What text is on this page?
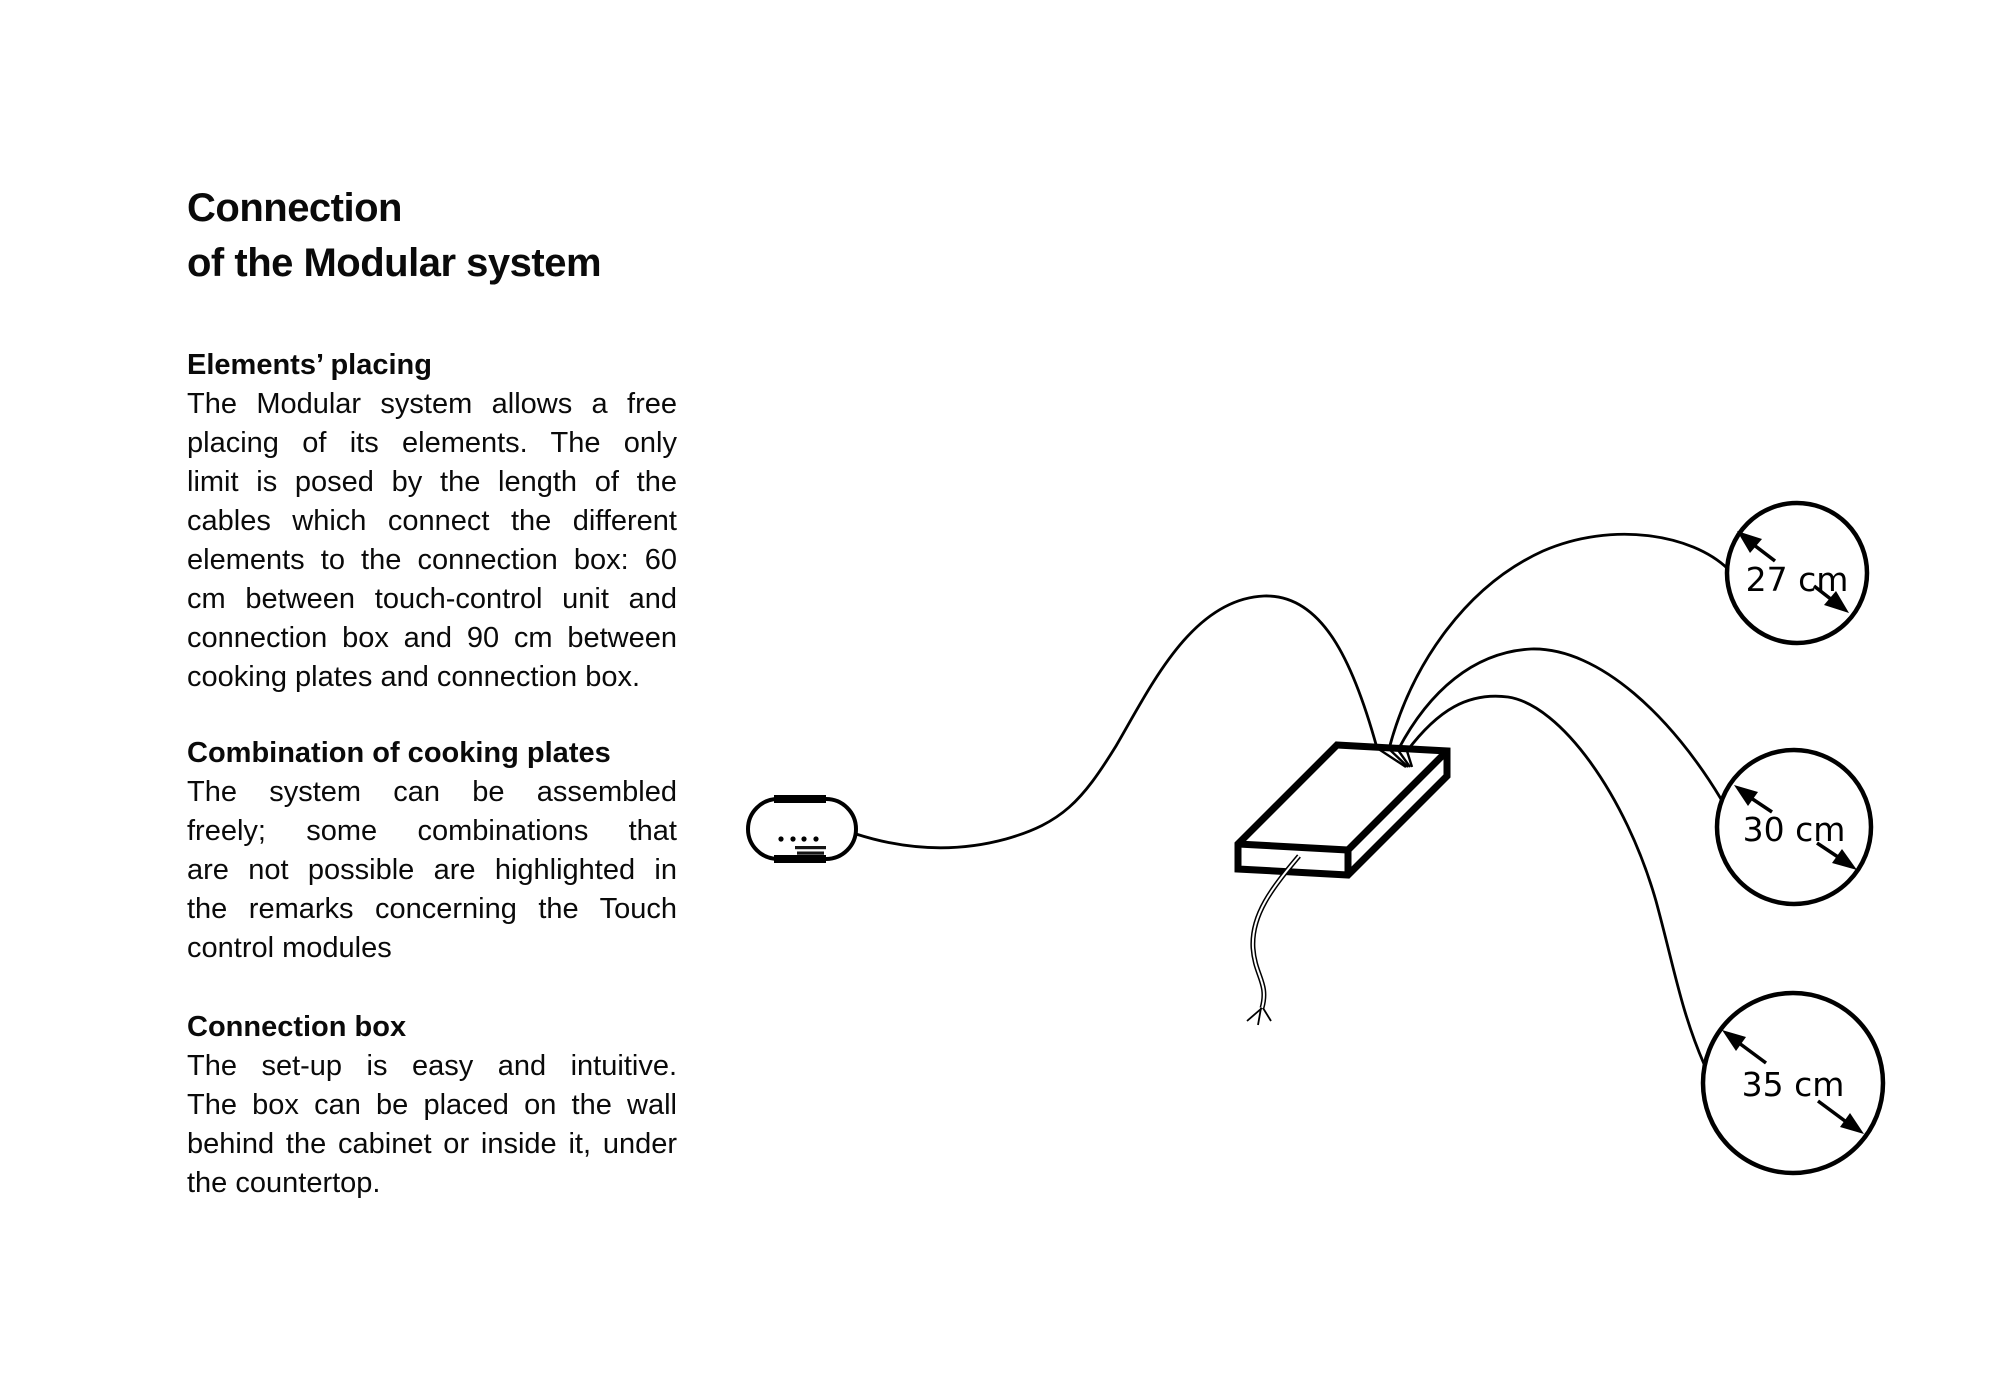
Connection
of the Modular system
Elements’ placing
The Modular system allows a free
placing of its elements. The only
limit is posed by the length of the
cables which connect the different
elements to the connection box: 60
cm between touch-control unit and
connection box and 90 cm between
cooking plates and connection box.
Combination of cooking plates
The system can be assembled
freely; some combinations that
are not possible are highlighted in
the remarks concerning the Touch
control modules
Connection box
The set-up is easy and intuitive.
The box can be placed on the wall
behind the cabinet or inside it, under
the countertop.
27 cm
30 cm
35 cm
